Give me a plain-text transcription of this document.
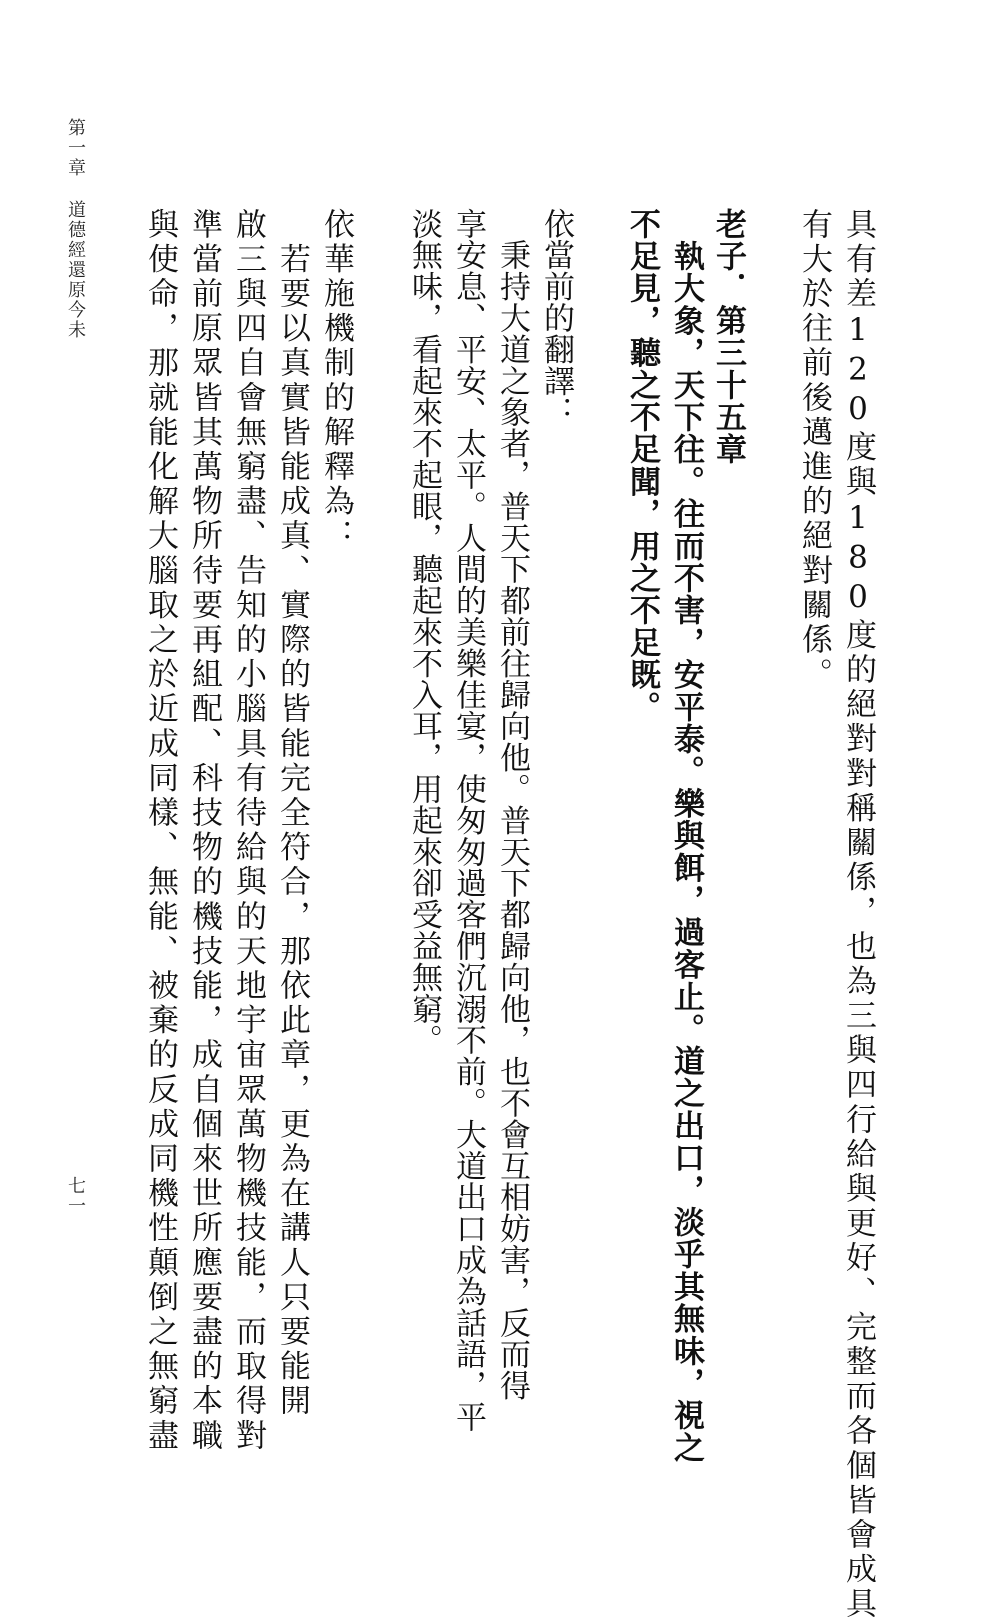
具有差120度與180度的絕對對稱關係，也為三與四行給與更好、完整而各個皆會成具
有大於往前後邁進的絕對關係。
老子．第三十五章
　執大象，天下往。往而不害，安平泰。樂與餌，過客止。道之出口，淡乎其無味，視之
不足見，聽之不足聞，用之不足既。
依當前的翻譯：
　秉持大道之象者，普天下都前往歸向他。普天下都歸向他，也不會互相妨害，反而得
享安息、平安、太平。人間的美樂佳宴，使匆匆過客們沉溺不前。大道出口成為話語，平
淡無味，看起來不起眼，聽起來不入耳，用起來卻受益無窮。
依華施機制的解釋為：
　若要以真實皆能成真、實際的皆能完全符合，那依此章，更為在講人只要能開
啟三與四自會無窮盡、告知的小腦具有待給與的天地宇宙眾萬物機技能，而取得對
準當前原眾皆其萬物所待要再組配、科技物的機技能，成自個來世所應要盡的本職
與使命，那就能化解大腦取之於近成同樣、無能、被棄的反成同機性顛倒之無窮盡
第一章道德經還原今未
七一
